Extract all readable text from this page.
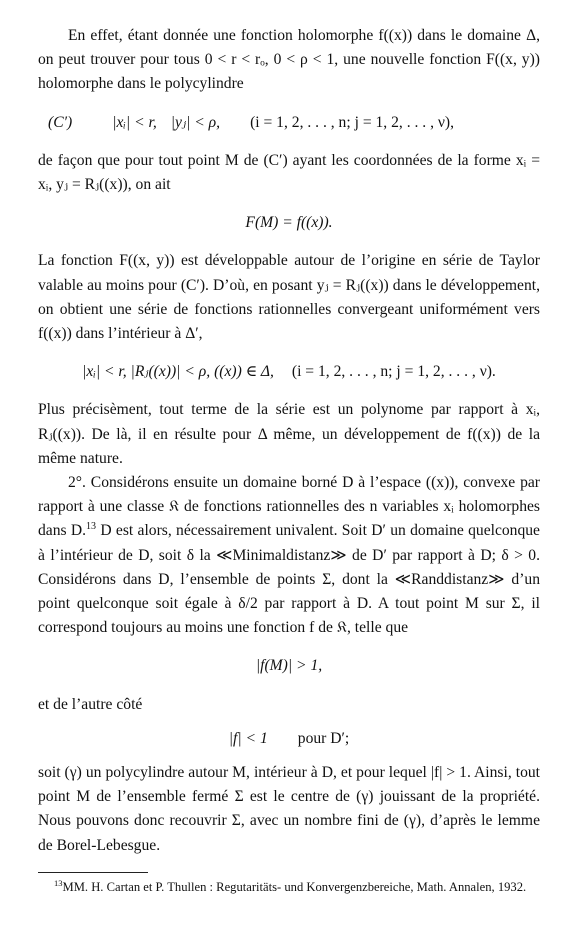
En effet, étant donnée une fonction holomorphe f((x)) dans le domaine Δ, on peut trouver pour tous 0 < r < rₒ, 0 < ρ < 1, une nouvelle fonction F((x, y)) holomorphe dans le polycylindre

(C′)	|xᵢ| < r, |yⱼ| < ρ, (i = 1, 2, . . . , n; j = 1, 2, . . . , ν),

de façon que pour tout point M de (C′) ayant les coordonnées de la forme xᵢ = xᵢ, yⱼ = Rⱼ((x)), on ait

F(M) = f((x)).

La fonction F((x, y)) est développable autour de l’origine en série de Taylor valable au moins pour (C′). D’où, en posant yⱼ = Rⱼ((x)) dans le développement, on obtient une série de fonctions rationnelles convergeant uniformément vers f((x)) dans l’intérieur à Δ′,

|xᵢ| < r, |Rⱼ((x))| < ρ, ((x)) ∈ Δ, (i = 1, 2, . . . , n; j = 1, 2, . . . , ν).

Plus précisèment, tout terme de la série est un polynome par rapport à xᵢ, Rⱼ((x)). De là, il en résulte pour Δ même, un développement de f((x)) de la même nature.

2°. Considérons ensuite un domaine borné D à l’espace ((x)), convexe par rapport à une classe 𝔎 de fonctions rationnelles des n variables xᵢ holomorphes dans D.$^{13}$ D est alors, nécessairement univalent. Soit D′ un domaine quelconque à l’intérieur de D, soit δ la ≪Minimaldistanz≫ de D′ par rapport à D; δ > 0. Considérons dans D, l’ensemble de points Σ, dont la ≪Randdistanz≫ d’un point quelconque soit égale à δ/2 par rapport à D. A tout point M sur Σ, il correspond toujours au moins une fonction f de 𝔎, telle que

|f(M)| > 1,

et de l’autre côté

|f| < 1 pour D′;

soit (γ) un polycylindre autour M, intérieur à D, et pour lequel |f| > 1. Ainsi, tout point M de l’ensemble fermé Σ est le centre de (γ) jouissant de la propriété. Nous pouvons donc recouvrir Σ, avec un nombre fini de (γ), d’après le lemme de Borel-Lebesgue.

$^{13}$MM. H. Cartan et P. Thullen : Regutaritäts- und Konvergenzbereiche, Math. Annalen, 1932.
